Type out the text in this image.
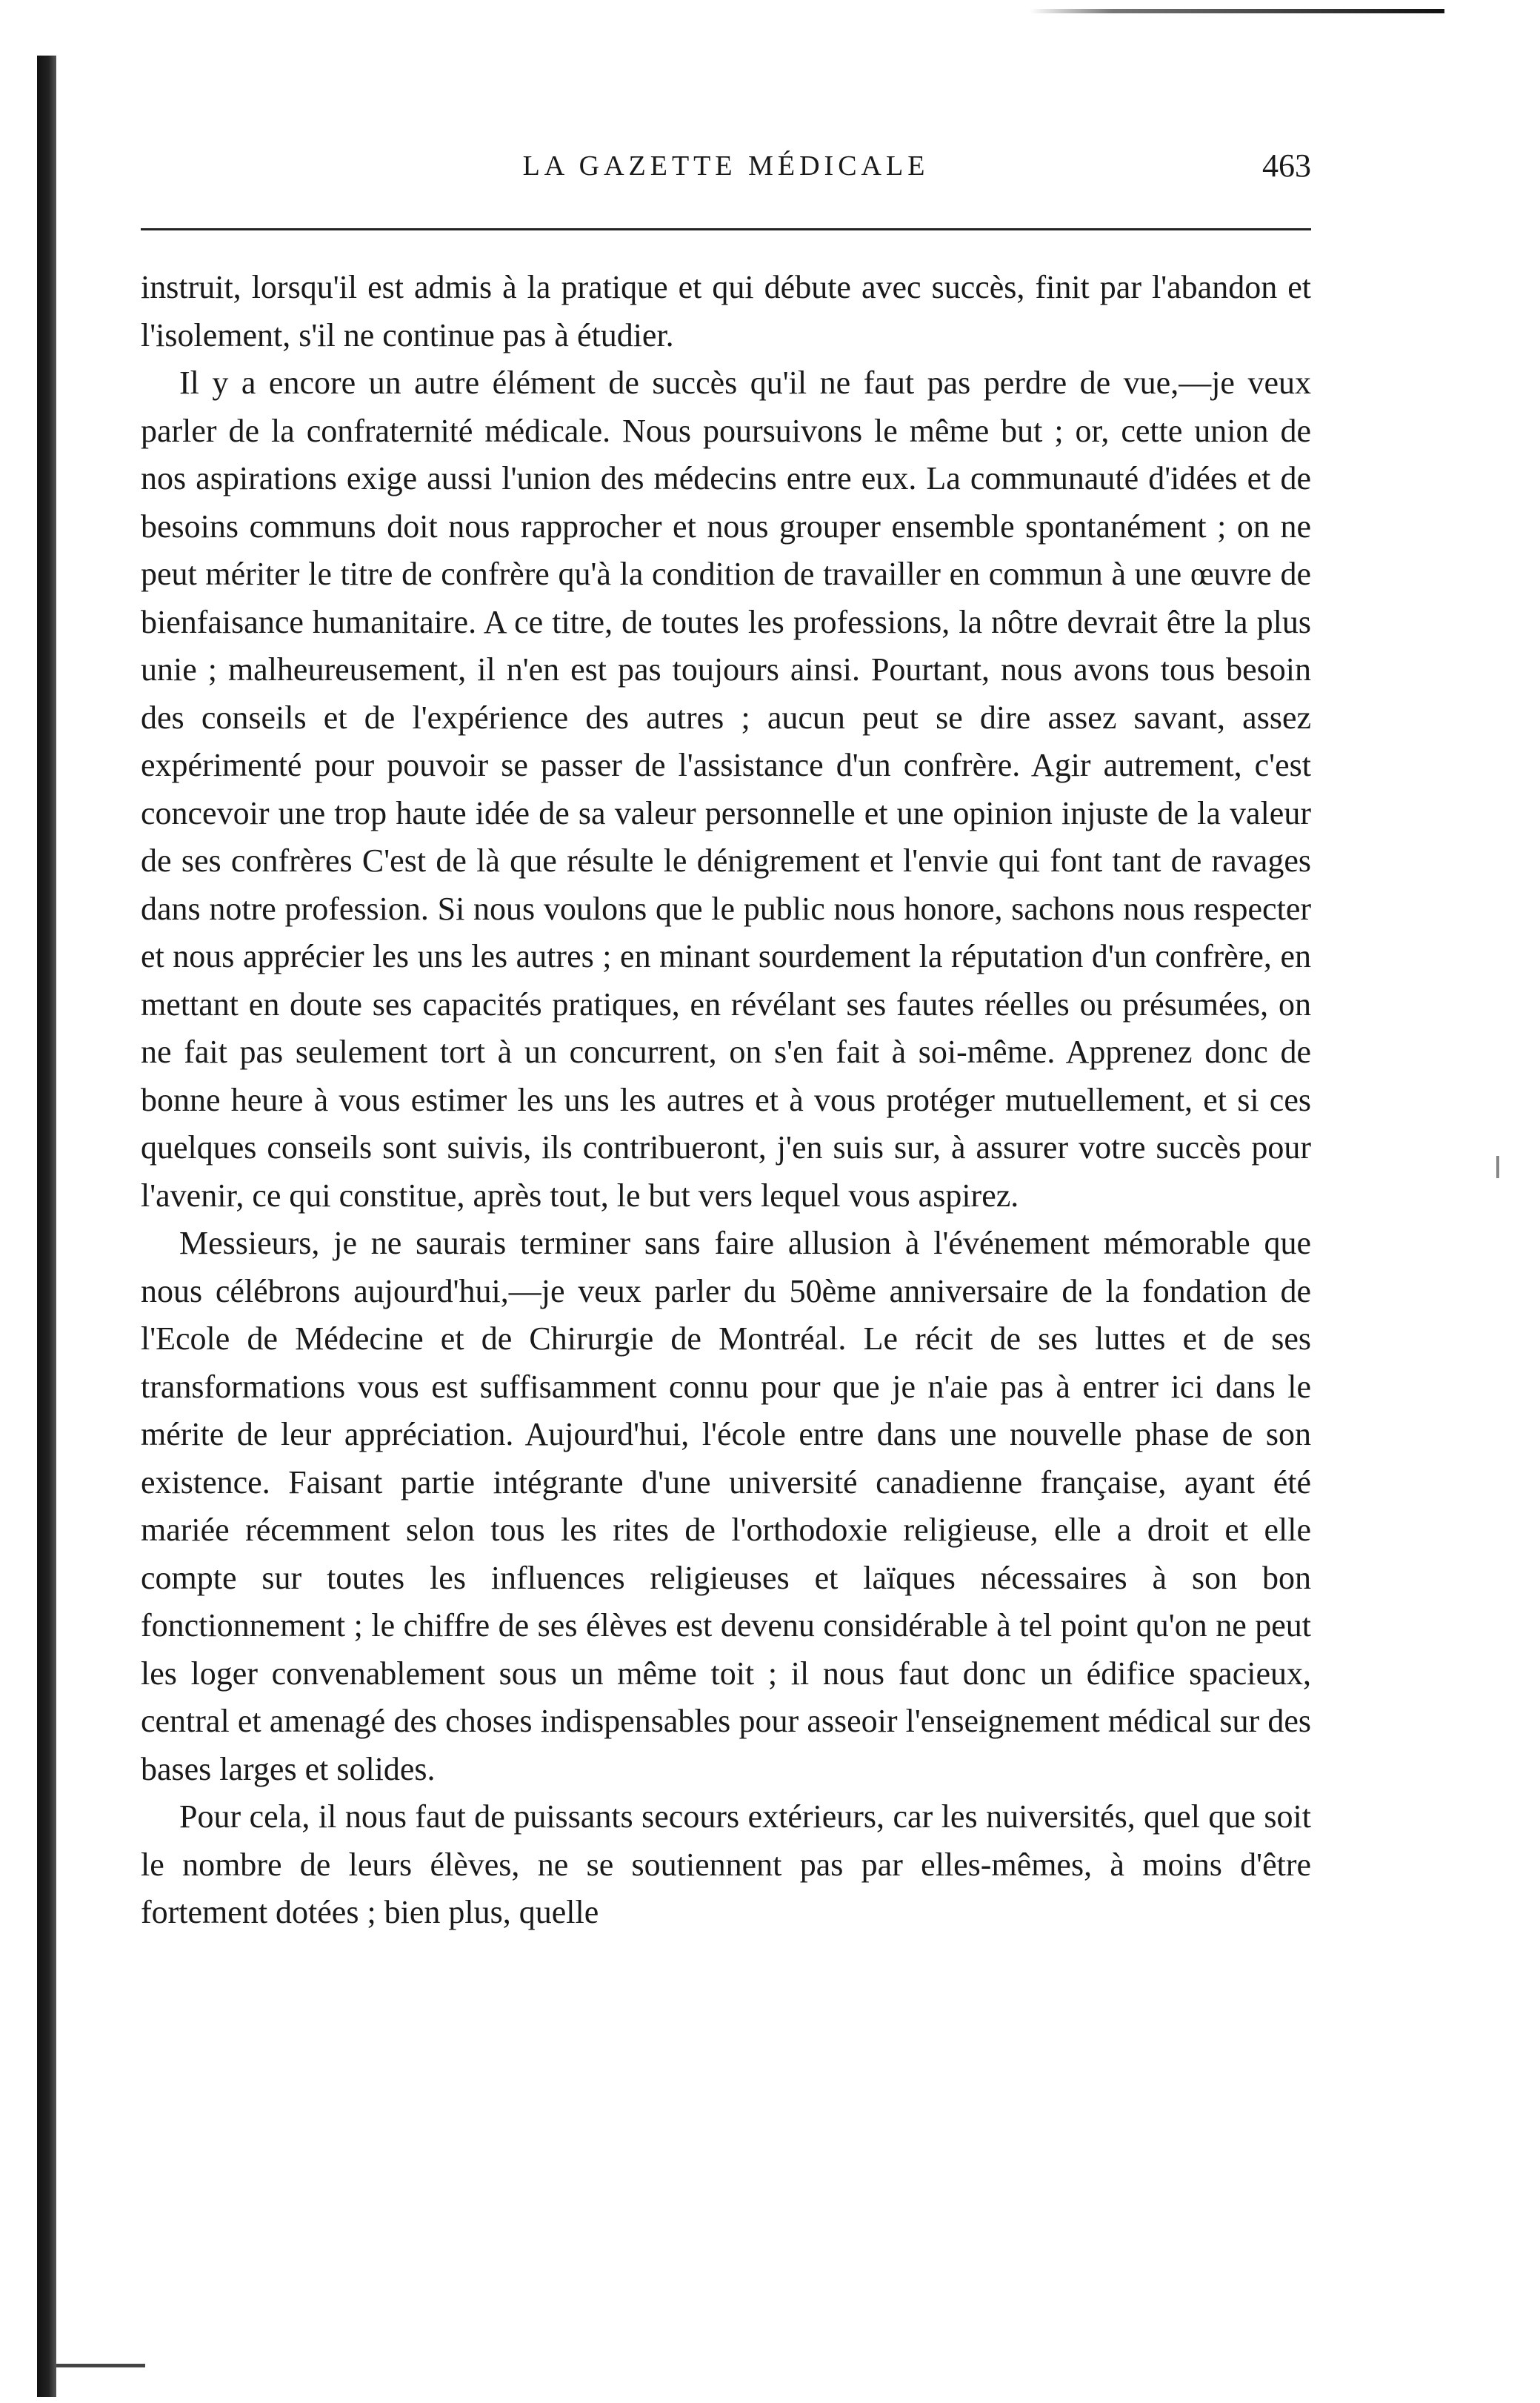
LA GAZETTE MÉDICALE	463

instruit, lorsqu'il est admis à la pratique et qui débute avec succès, finit par l'abandon et l'isolement, s'il ne continue pas à étudier.

Il y a encore un autre élément de succès qu'il ne faut pas perdre de vue,—je veux parler de la confraternité médicale. Nous poursuivons le même but ; or, cette union de nos aspirations exige aussi l'union des médecins entre eux. La communauté d'idées et de besoins communs doit nous rapprocher et nous grouper ensemble spontanément ; on ne peut mériter le titre de confrère qu'à la condition de travailler en commun à une œuvre de bienfaisance humanitaire. A ce titre, de toutes les professions, la nôtre devrait être la plus unie ; malheureusement, il n'en est pas toujours ainsi. Pourtant, nous avons tous besoin des conseils et de l'expérience des autres ; aucun peut se dire assez savant, assez expérimenté pour pouvoir se passer de l'assistance d'un confrère. Agir autrement, c'est concevoir une trop haute idée de sa valeur personnelle et une opinion injuste de la valeur de ses confrères C'est de là que résulte le dénigrement et l'envie qui font tant de ravages dans notre profession. Si nous voulons que le public nous honore, sachons nous respecter et nous apprécier les uns les autres ; en minant sourdement la réputation d'un confrère, en mettant en doute ses capacités pratiques, en révélant ses fautes réelles ou présumées, on ne fait pas seulement tort à un concurrent, on s'en fait à soi-même. Apprenez donc de bonne heure à vous estimer les uns les autres et à vous protéger mutuellement, et si ces quelques conseils sont suivis, ils contribueront, j'en suis sur, à assurer votre succès pour l'avenir, ce qui constitue, après tout, le but vers lequel vous aspirez.

Messieurs, je ne saurais terminer sans faire allusion à l'événement mémorable que nous célébrons aujourd'hui,—je veux parler du 50ème anniversaire de la fondation de l'Ecole de Médecine et de Chirurgie de Montréal. Le récit de ses luttes et de ses transformations vous est suffisamment connu pour que je n'aie pas à entrer ici dans le mérite de leur appréciation. Aujourd'hui, l'école entre dans une nouvelle phase de son existence. Faisant partie intégrante d'une université canadienne française, ayant été mariée récemment selon tous les rites de l'orthodoxie religieuse, elle a droit et elle compte sur toutes les influences religieuses et laïques nécessaires à son bon fonctionnement ; le chiffre de ses élèves est devenu considérable à tel point qu'on ne peut les loger convenablement sous un même toit ; il nous faut donc un édifice spacieux, central et amenagé des choses indispensables pour asseoir l'enseignement médical sur des bases larges et solides.

Pour cela, il nous faut de puissants secours extérieurs, car les nuiversités, quel que soit le nombre de leurs élèves, ne se soutiennent pas par elles-mêmes, à moins d'être fortement dotées ; bien plus, quelle
